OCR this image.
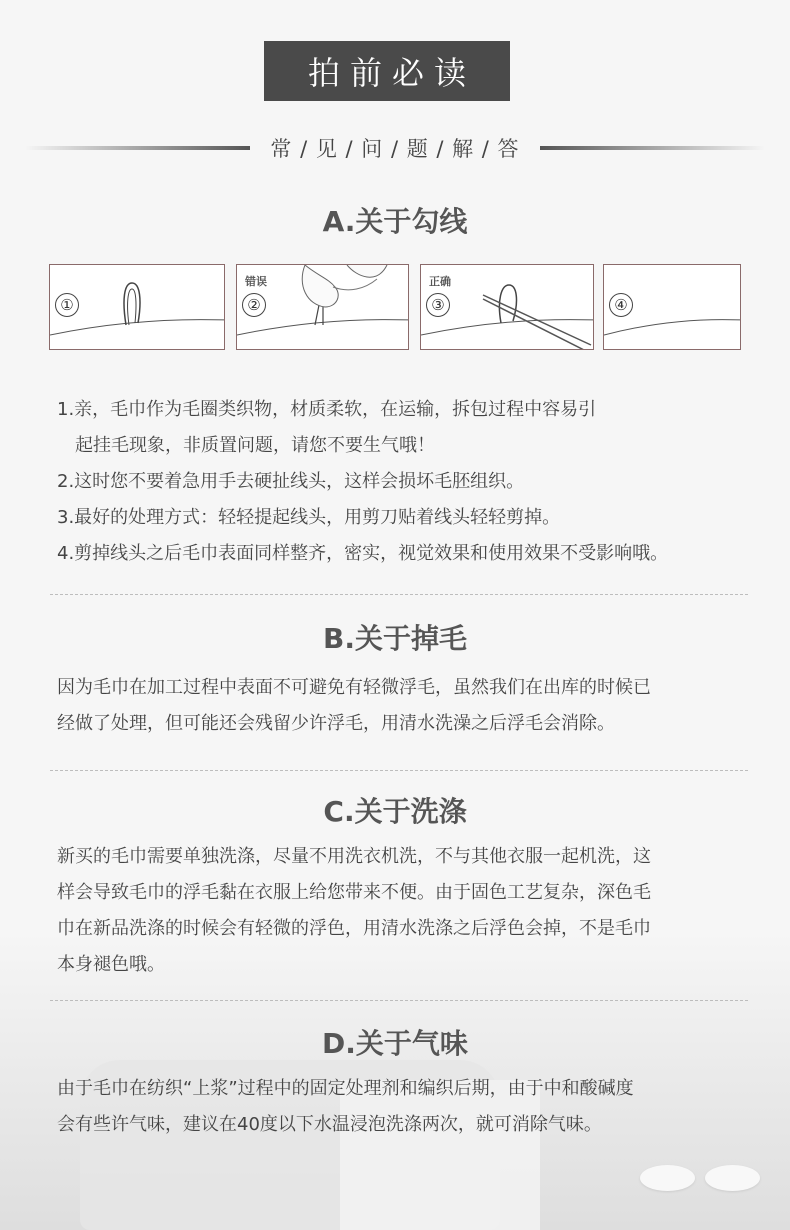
拍前必读
常 / 见 / 问 / 题 / 解 / 答
A.关于勾线
①
错误
②
正确
③	④
1.亲，毛巾作为毛圈类织物，材质柔软，在运输，拆包过程中容易引
起挂毛现象，非质置问题，请您不要生气哦！
2.这时您不要着急用手去硬扯线头，这样会损坏毛胚组织。
3.最好的处理方式：轻轻提起线头，用剪刀贴着线头轻轻剪掉。
4.剪掉线头之后毛巾表面同样整齐，密实，视觉效果和使用效果不受影响哦。
B.关于掉毛
因为毛巾在加工过程中表面不可避免有轻微浮毛，虽然我们在出库的时候已
经做了处理，但可能还会残留少许浮毛，用清水洗澡之后浮毛会消除。
C.关于洗涤
新买的毛巾需要单独洗涤，尽量不用洗衣机洗，不与其他衣服一起机洗，这
样会导致毛巾的浮毛黏在衣服上给您带来不便。由于固色工艺复杂，深色毛
巾在新品洗涤的时候会有轻微的浮色，用清水洗涤之后浮色会掉，不是毛巾
本身褪色哦。
D.关于气味
由于毛巾在纺织“上浆”过程中的固定处理剂和编织后期，由于中和酸碱度
会有些许气味，建议在40度以下水温浸泡洗涤两次，就可消除气味。
